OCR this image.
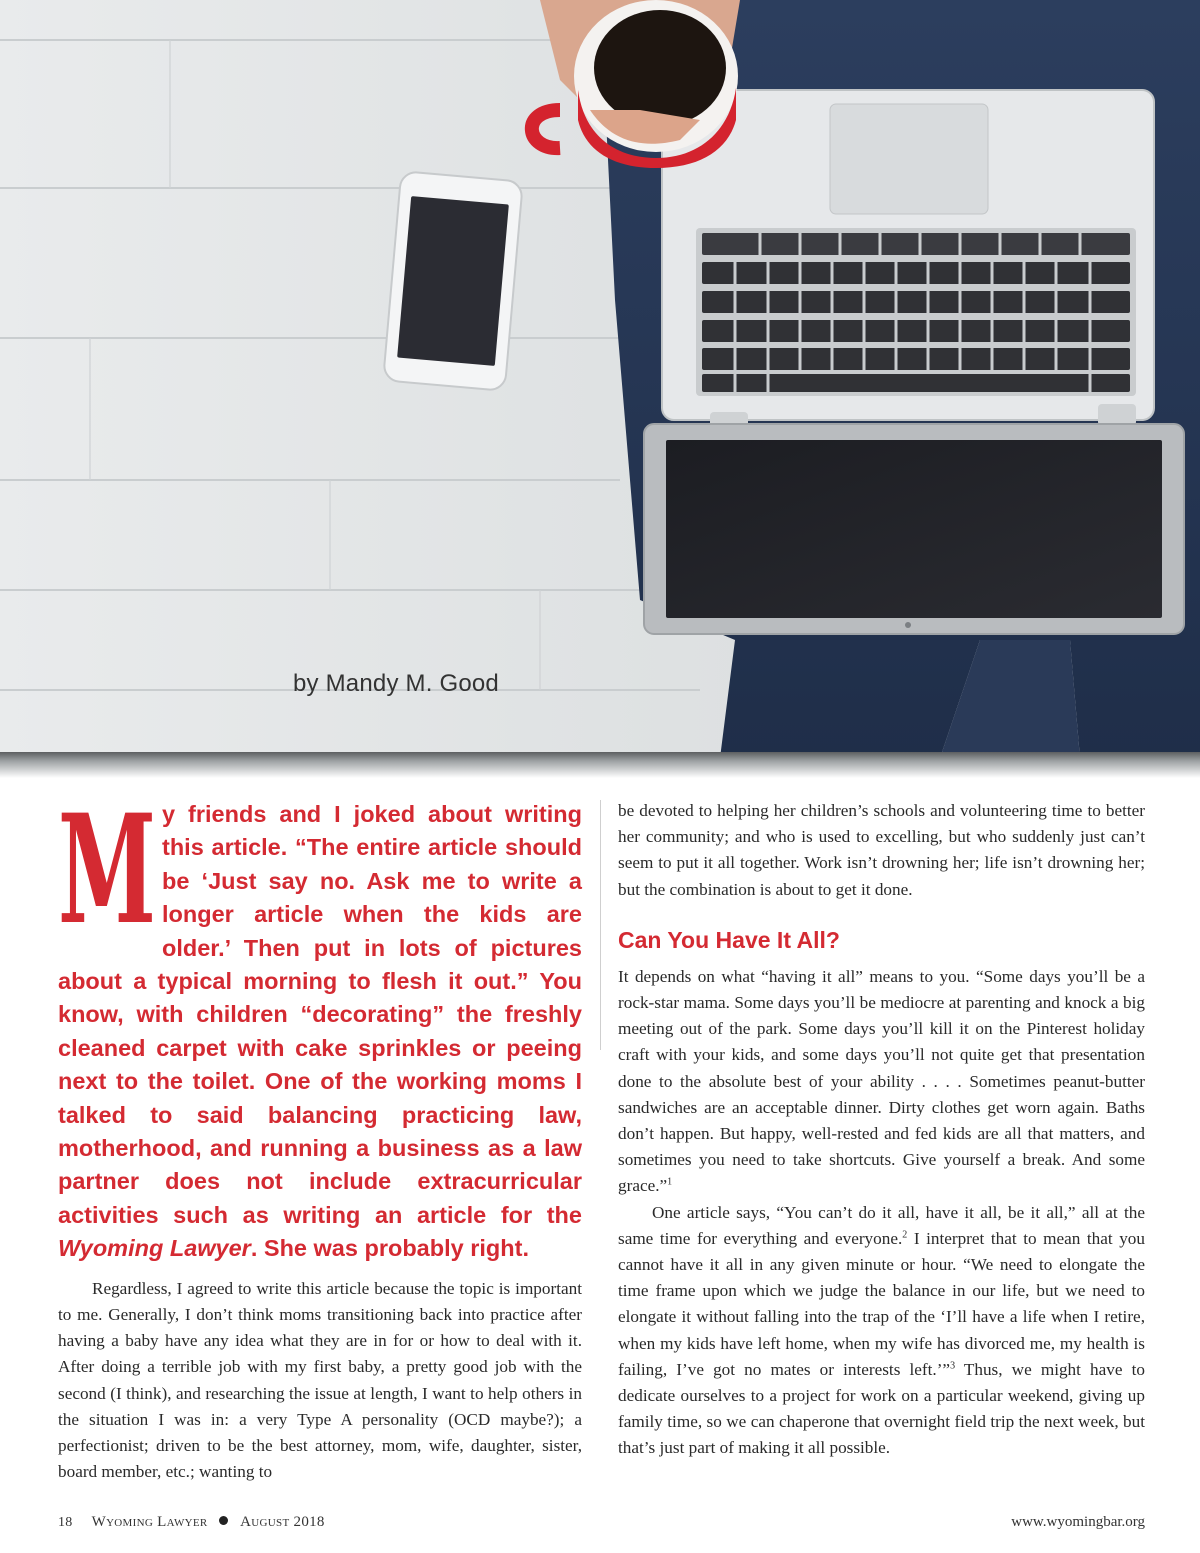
by Mandy M. Good

M y friends and I joked about writing this article. “The entire article should be ‘Just say no. Ask me to write a longer article when the kids are older.’ Then put in lots of pictures about a typical morning to flesh it out.” You know, with children “decorating” the freshly cleaned carpet with cake sprinkles or peeing next to the toilet. One of the working moms I talked to said balancing practicing law, motherhood, and running a business as a law partner does not include extracurricular activities such as writing an article for the Wyoming Lawyer. She was probably right.

Regardless, I agreed to write this article because the topic is important to me. Generally, I don’t think moms transitioning back into practice after having a baby have any idea what they are in for or how to deal with it. After doing a terrible job with my first baby, a pretty good job with the second (I think), and researching the issue at length, I want to help others in the situation I was in: a very Type A personality (OCD maybe?); a perfectionist; driven to be the best attorney, mom, wife, daughter, sister, board member, etc.; wanting to

be devoted to helping her children’s schools and volunteering time to better her community; and who is used to excelling, but who suddenly just can’t seem to put it all together. Work isn’t drowning her; life isn’t drowning her; but the combination is about to get it done.

Can You Have It All?

It depends on what “having it all” means to you. “Some days you’ll be a rock-star mama. Some days you’ll be mediocre at parenting and knock a big meeting out of the park. Some days you’ll kill it on the Pinterest holiday craft with your kids, and some days you’ll not quite get that presentation done to the absolute best of your ability . . . . Sometimes peanut-butter sandwiches are an acceptable dinner. Dirty clothes get worn again. Baths don’t happen. But happy, well-rested and fed kids are all that matters, and sometimes you need to take shortcuts. Give yourself a break. And some grace.”$^1$

One article says, “You can’t do it all, have it all, be it all,” all at the same time for everything and everyone.$^2$ I interpret that to mean that you cannot have it all in any given minute or hour. “We need to elongate the time frame upon which we judge the balance in our life, but we need to elongate it without falling into the trap of the ‘I’ll have a life when I retire, when my kids have left home, when my wife has divorced me, my health is failing, I’ve got no mates or interests left.’”$^3$ Thus, we might have to dedicate ourselves to a project for work on a particular weekend, giving up family time, so we can chaperone that overnight field trip the next week, but that’s just part of making it all possible.

18 Wyoming Lawyer August 2018	www.wyomingbar.org
